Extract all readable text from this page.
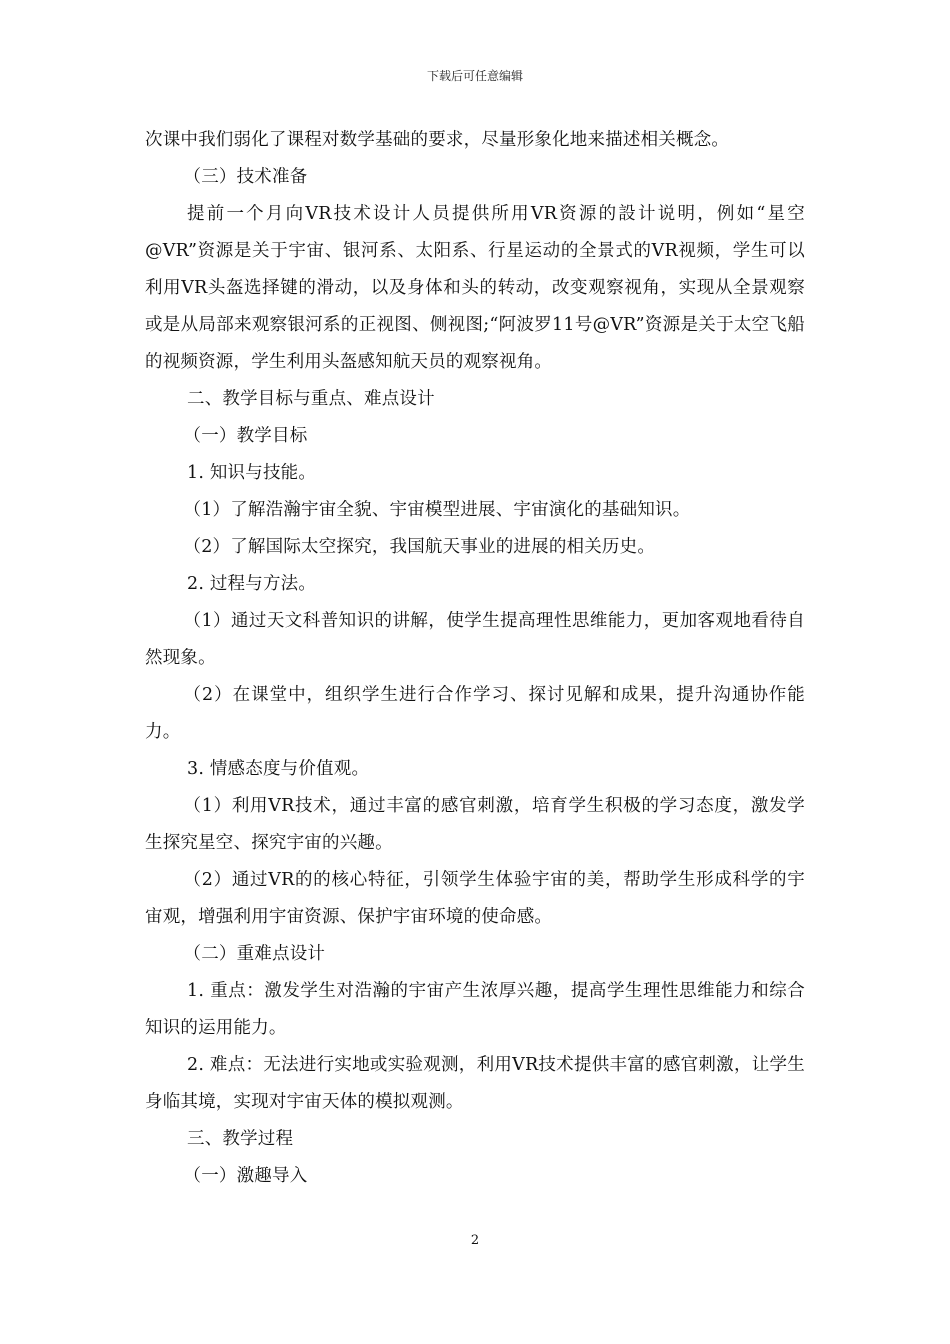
下载后可任意编辑

次课中我们弱化了课程对数学基础的要求，尽量形象化地来描述相关概念。

（三）技术准备

提前一个月向VR技术设计人员提供所用VR资源的設计说明，例如“星空@VR”资源是关于宇宙、银河系、太阳系、行星运动的全景式的VR视频，学生可以利用VR头盔选择键的滑动，以及身体和头的转动，改变观察视角，实现从全景观察或是从局部来观察银河系的正视图、侧视图;“阿波罗11号@VR”资源是关于太空飞船的视频资源，学生利用头盔感知航天员的观察视角。

二、教学目标与重点、难点设计

（一）教学目标

1. 知识与技能。

（1）了解浩瀚宇宙全貌、宇宙模型进展、宇宙演化的基础知识。

（2）了解国际太空探究，我国航天事业的进展的相关历史。

2. 过程与方法。

（1）通过天文科普知识的讲解，使学生提高理性思维能力，更加客观地看待自然现象。

（2）在课堂中，组织学生进行合作学习、探讨见解和成果，提升沟通协作能力。

3. 情感态度与价值观。

（1）利用VR技术，通过丰富的感官刺激，培育学生积极的学习态度，激发学生探究星空、探究宇宙的兴趣。

（2）通过VR的的核心特征，引领学生体验宇宙的美，帮助学生形成科学的宇宙观，增强利用宇宙资源、保护宇宙环境的使命感。

（二）重难点设计

1. 重点：激发学生对浩瀚的宇宙产生浓厚兴趣，提高学生理性思维能力和综合知识的运用能力。

2. 难点：无法进行实地或实验观测，利用VR技术提供丰富的感官刺激，让学生身临其境，实现对宇宙天体的模拟观测。

三、教学过程

（一）激趣导入

2
